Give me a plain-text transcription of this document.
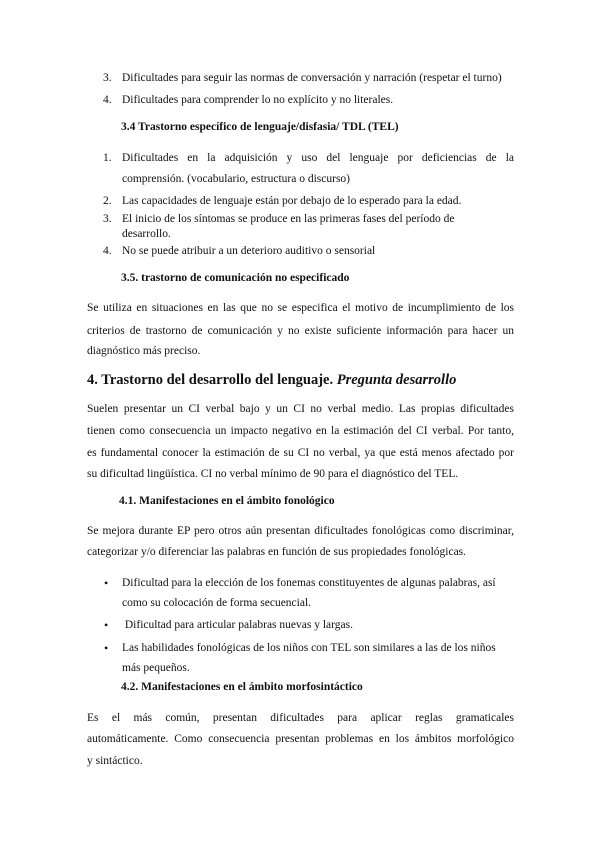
3. Dificultades para seguir las normas de conversación y narración (respetar el turno)
4. Dificultades para comprender lo no explícito y no literales.
3.4 Trastorno específico de lenguaje/disfasia/ TDL (TEL)
1. Dificultades en la adquisición y uso del lenguaje por deficiencias de la
comprensión. (vocabulario, estructura o discurso)
2. Las capacidades de lenguaje están por debajo de lo esperado para la edad.
3. El inicio de los síntomas se produce en las primeras fases del período de
desarrollo.
4. No se puede atribuir a un deterioro auditivo o sensorial
3.5. trastorno de comunicación no especificado
Se utiliza en situaciones en las que no se especifica el motivo de incumplimiento de los
criterios de trastorno de comunicación y no existe suficiente información para hacer un
diagnóstico más preciso.
4. Trastorno del desarrollo del lenguaje. Pregunta desarrollo
Suelen presentar un CI verbal bajo y un CI no verbal medio. Las propias dificultades
tienen como consecuencia un impacto negativo en la estimación del CI verbal. Por tanto,
es fundamental conocer la estimación de su CI no verbal, ya que está menos afectado por
su dificultad lingüística. CI no verbal mínimo de 90 para el diagnóstico del TEL.
4.1. Manifestaciones en el ámbito fonológico
Se mejora durante EP pero otros aún presentan dificultades fonológicas como discriminar,
categorizar y/o diferenciar las palabras en función de sus propiedades fonológicas.
• Dificultad para la elección de los fonemas constituyentes de algunas palabras, así
como su colocación de forma secuencial.
• Dificultad para articular palabras nuevas y largas.
• Las habilidades fonológicas de los niños con TEL son similares a las de los niños
más pequeños.
4.2. Manifestaciones en el ámbito morfosintáctico
Es el más común, presentan dificultades para aplicar reglas gramaticales
automáticamente. Como consecuencia presentan problemas en los ámbitos morfológico
y sintáctico.
